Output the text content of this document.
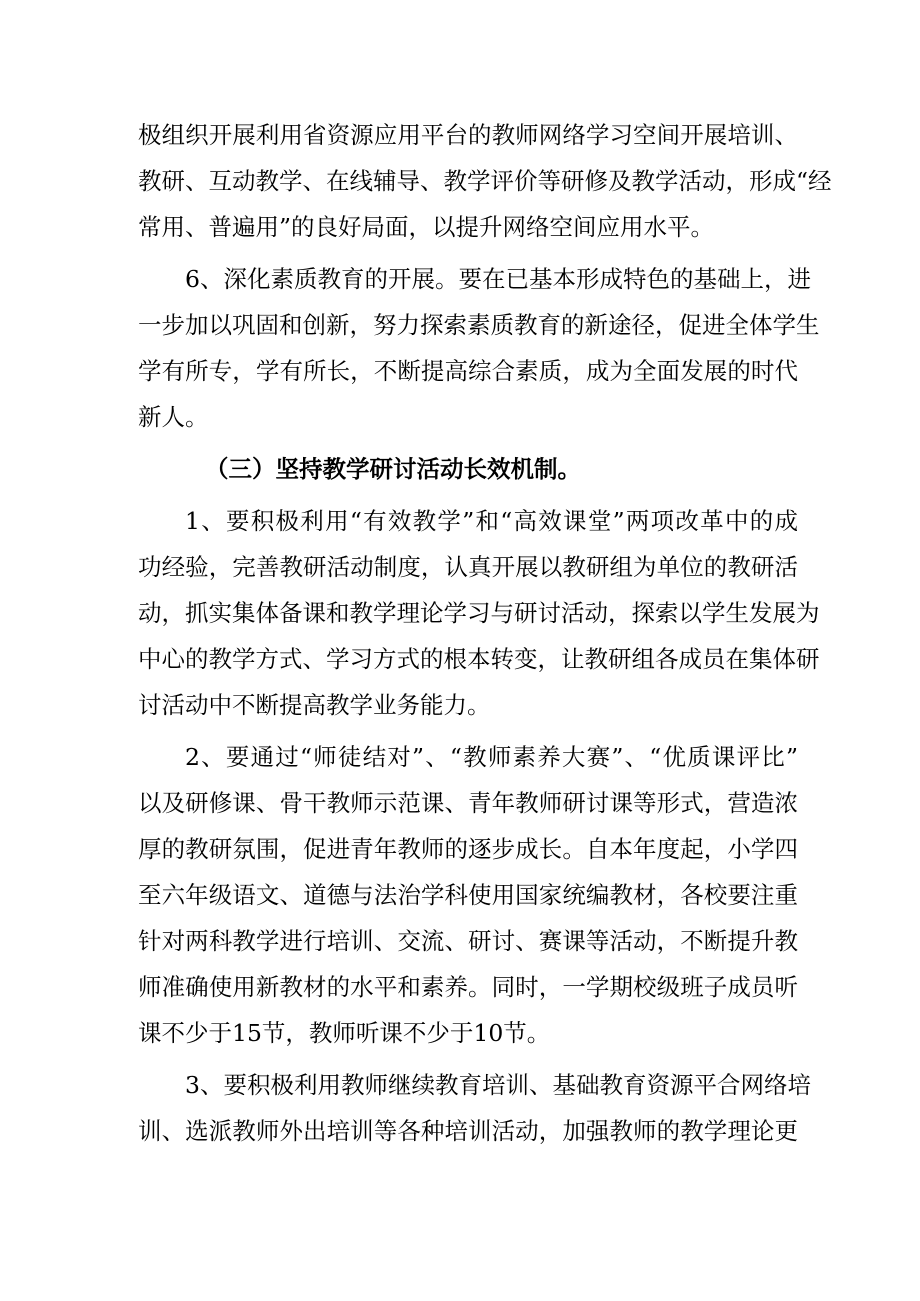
极组织开展利用省资源应用平台的教师网络学习空间开展培训、
教研、互动教学、在线辅导、教学评价等研修及教学活动，形成“经
常用、普遍用”的良好局面，以提升网络空间应用水平。
6、深化素质教育的开展。要在已基本形成特色的基础上，进
一步加以巩固和创新，努力探索素质教育的新途径，促进全体学生
学有所专，学有所长，不断提高综合素质，成为全面发展的时代
新人。
（三）坚持教学研讨活动长效机制。
1、要积极利用“有效教学”和“高效课堂”两项改革中的成
功经验，完善教研活动制度，认真开展以教研组为单位的教研活
动，抓实集体备课和教学理论学习与研讨活动，探索以学生发展为
中心的教学方式、学习方式的根本转变，让教研组各成员在集体研
讨活动中不断提高教学业务能力。
2、要通过“师徒结对”、“教师素养大赛”、“优质课评比”
以及研修课、骨干教师示范课、青年教师研讨课等形式，营造浓
厚的教研氛围，促进青年教师的逐步成长。自本年度起，小学四
至六年级语文、道德与法治学科使用国家统编教材，各校要注重
针对两科教学进行培训、交流、研讨、赛课等活动，不断提升教
师准确使用新教材的水平和素养。同时，一学期校级班子成员听
课不少于15节，教师听课不少于10节。
3、要积极利用教师继续教育培训、基础教育资源平合网络培
训、选派教师外出培训等各种培训活动，加强教师的教学理论更
